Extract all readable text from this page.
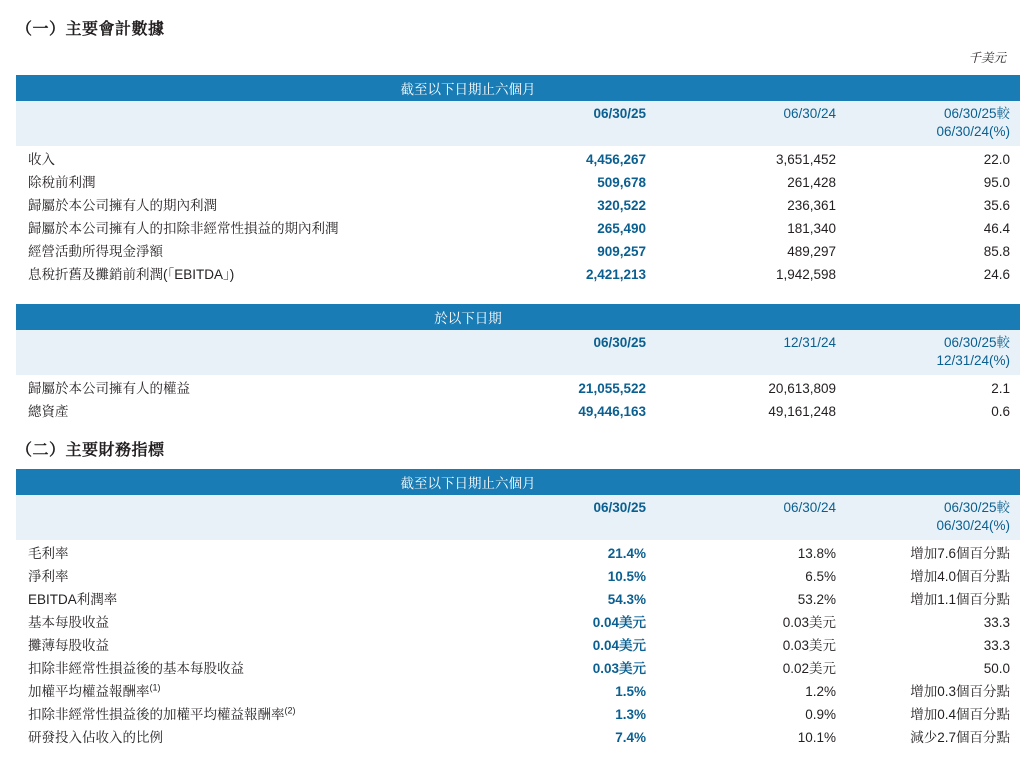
（一）主要會計數據
千美元
截至以下日期止六個月
06/30/25	06/30/24	06/30/25較
06/30/24(%)
收入	4,456,267	3,651,452	22.0
除稅前利潤	509,678	261,428	95.0
歸屬於本公司擁有人的期內利潤	320,522	236,361	35.6
歸屬於本公司擁有人的扣除非經常性損益的期內利潤	265,490	181,340	46.4
經營活動所得現金淨額	909,257	489,297	85.8
息稅折舊及攤銷前利潤(「EBITDA」)	2,421,213	1,942,598	24.6
於以下日期
06/30/25	12/31/24	06/30/25較
12/31/24(%)
歸屬於本公司擁有人的權益	21,055,522	20,613,809	2.1
總資產	49,446,163	49,161,248	0.6
（二）主要財務指標
截至以下日期止六個月
06/30/25	06/30/24	06/30/25較
06/30/24(%)
毛利率	21.4%	13.8%	增加7.6個百分點
淨利率	10.5%	6.5%	增加4.0個百分點
EBITDA利潤率	54.3%	53.2%	增加1.1個百分點
基本每股收益	0.04美元	0.03美元	33.3
攤薄每股收益	0.04美元	0.03美元	33.3
扣除非經常性損益後的基本每股收益	0.03美元	0.02美元	50.0
加權平均權益報酬率$^{(1)}$	1.5%	1.2%	增加0.3個百分點
扣除非經常性損益後的加權平均權益報酬率$^{(2)}$	1.3%	0.9%	增加0.4個百分點
研發投入佔收入的比例	7.4%	10.1%	減少2.7個百分點
